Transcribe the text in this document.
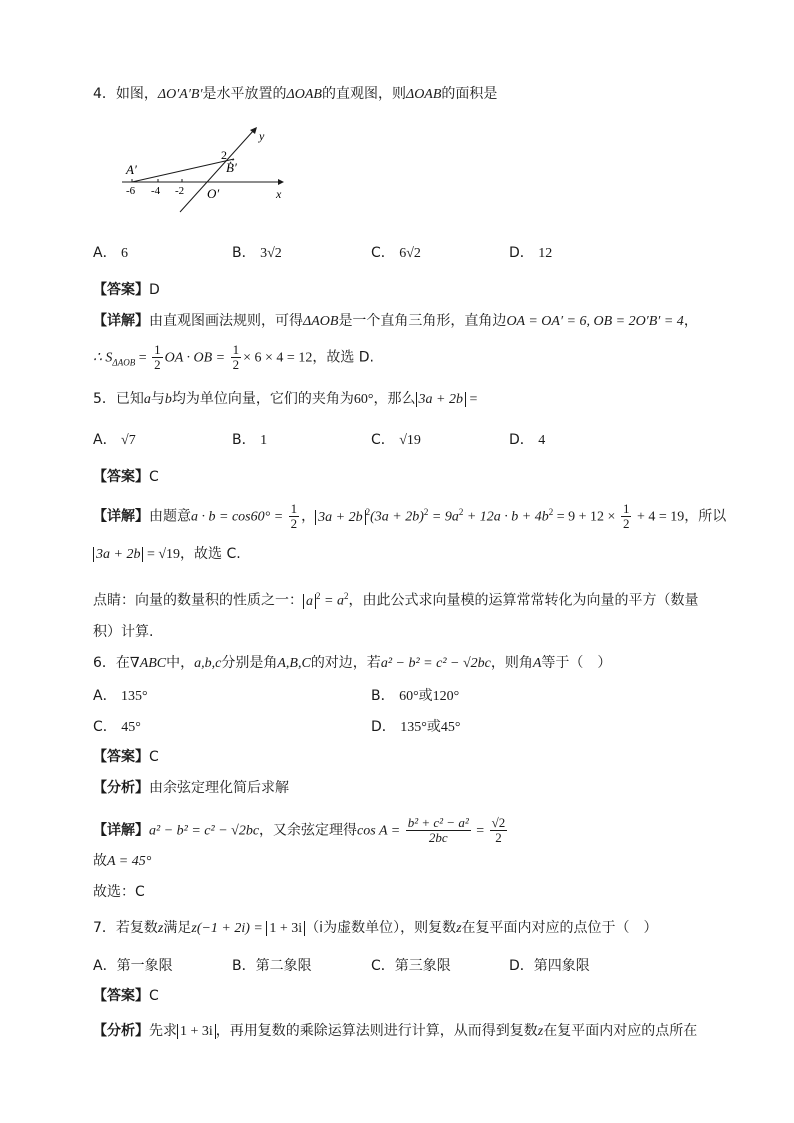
4．如图，ΔO′A′B′是水平放置的ΔOAB的直观图，则ΔOAB的面积是
A′	B′
O′
2
y
x
-6 -4 -2
A． 6	B． 3√2	C． 6√2	D． 12
【答案】D
【详解】由直观图画法规则，可得ΔAOB是一个直角三角形，直角边OA = OA′ = 6, OB = 2O′B′ = 4，
∴ $S_{\Delta AOB} = \frac{1}{2}$ OA · OB = $\frac{1}{2} \times 6 \times 4 = 12$，故选 D.
5．已知a与b均为单位向量，它们的夹角为60°，那么 3a + 2b =
A． √7	B． 1	C． √19	D． 4
【答案】C
【详解】由题意$a \cdot b = \cos 60^\circ = \frac{1}{2}$ ， 3a + 2b $^2(3a + 2b)^2 = 9a^2 + 12a \cdot b + 4b^2 = 9 + 12 \times \frac{1}{2} + 4 = 19$，所以
3a + 2b = √19，故选 C.
点睛：向量的数量积的性质之一： a $^2 = a^2$，由此公式求向量模的运算常常转化为向量的平方（数量
积）计算.
6．在∇ABC中，a,b,c分别是角A,B,C的对边，若a² − b² = c² − √2bc，则角A等于（　）
A． 135°	B． 60°或120°
C． 45°	D． 135°或45°
【答案】C
【分析】由余弦定理化简后求解
【详解】a² − b² = c² − √2bc，又余弦定理得$\cos A = \frac{\text{b² + c² − a²}}{2bc} = \frac{√2}{2}$
故A = 45°
故选：C
7．若复数z满足z(−1 + 2i) = 1 + 3i （i为虚数单位），则复数z在复平面内对应的点位于（　）
A．第一象限	B．第二象限	C．第三象限	D．第四象限
【答案】C
【分析】先求 1 + 3i ，再用复数的乘除运算法则进行计算，从而得到复数z在复平面内对应的点所在
